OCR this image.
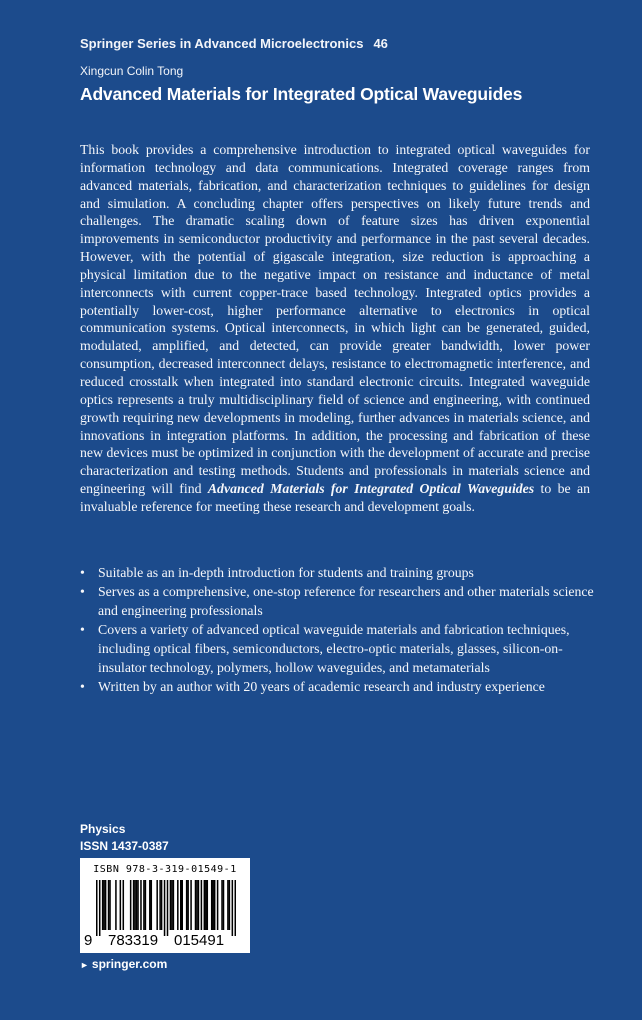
Springer Series in Advanced Microelectronics 46
Xingcun Colin Tong
Advanced Materials for Integrated Optical Waveguides

This book provides a comprehensive introduction to integrated optical waveguides for information technology and data communications. Integrated coverage ranges from advanced materials, fabrication, and characterization techniques to guidelines for design and simulation. A concluding chapter offers perspectives on likely future trends and challenges. The dramatic scaling down of feature sizes has driven exponential improvements in semiconductor productivity and performance in the past several decades. However, with the potential of gigascale integration, size reduction is approaching a physical limitation due to the negative impact on resistance and inductance of metal interconnects with current copper-trace based technology. Integrated optics provides a potentially lower-cost, higher performance alternative to electronics in optical communication systems. Optical interconnects, in which light can be generated, guided, modulated, amplified, and detected, can provide greater bandwidth, lower power consumption, decreased interconnect delays, resistance to electromagnetic interference, and reduced crosstalk when integrated into standard electronic circuits. Integrated waveguide optics represents a truly multidisciplinary field of science and engineering, with continued growth requiring new developments in modeling, further advances in materials science, and innovations in integration platforms. In addition, the processing and fabrication of these new devices must be optimized in conjunction with the development of accurate and precise characterization and testing methods. Students and professionals in materials science and engineering will find Advanced Materials for Integrated Optical Waveguides to be an invaluable reference for meeting these research and development goals.

• Suitable as an in-depth introduction for students and training groups
• Serves as a comprehensive, one-stop reference for researchers and other materials science and engineering professionals
• Covers a variety of advanced optical waveguide materials and fabrication techniques, including optical fibers, semiconductors, electro-optic materials, glasses, silicon-on-insulator technology, polymers, hollow waveguides, and metamaterials
• Written by an author with 20 years of academic research and industry experience
Physics
ISSN 1437-0387
ISBN 978-3-319-01549-1
9 783319 015491
► springer.com
